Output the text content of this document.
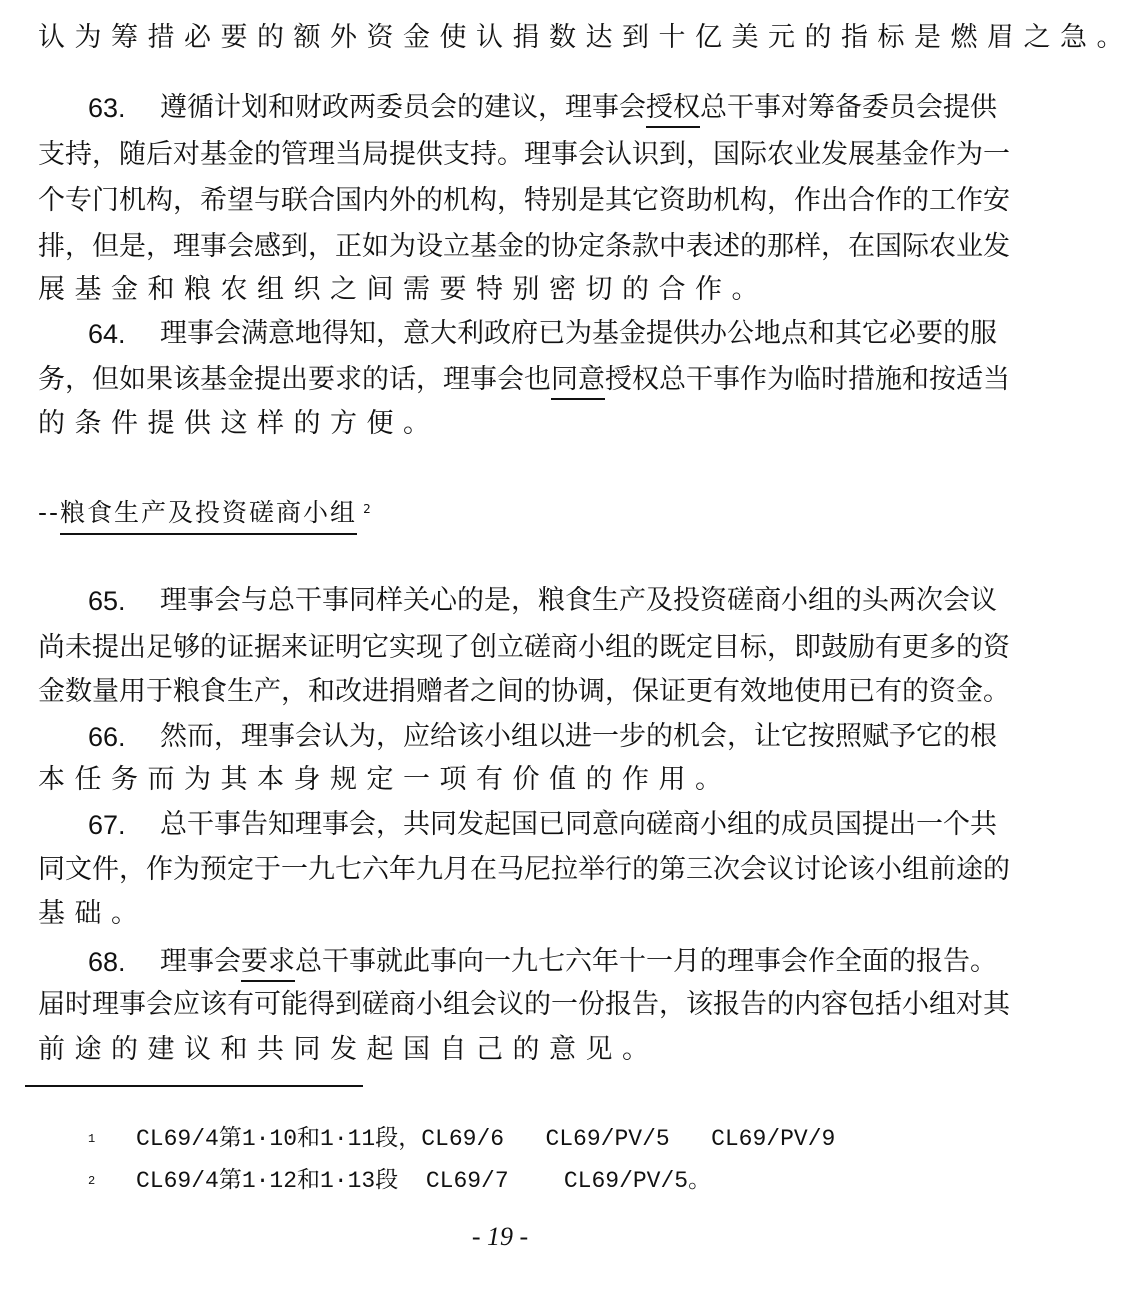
认为筹措必要的额外资金使认捐数达到十亿美元的指标是燃眉之急。
63.	遵循计划和财政两委员会的建议，理事会授权总干事对筹备委员会提供
支持，随后对基金的管理当局提供支持。理事会认识到，国际农业发展基金作为一
个专门机构，希望与联合国内外的机构，特别是其它资助机构，作出合作的工作安
排，但是，理事会感到，正如为设立基金的协定条款中表述的那样，在国际农业发
展基金和粮农组织之间需要特别密切的合作。
64.	理事会满意地得知，意大利政府已为基金提供办公地点和其它必要的服
务，但如果该基金提出要求的话，理事会也同意授权总干事作为临时措施和按适当
的条件提供这样的方便。
65.	理事会与总干事同样关心的是，粮食生产及投资磋商小组的头两次会议
尚未提出足够的证据来证明它实现了创立磋商小组的既定目标，即鼓励有更多的资
金数量用于粮食生产，和改进捐赠者之间的协调，保证更有效地使用已有的资金。
66.	然而，理事会认为，应给该小组以进一步的机会，让它按照赋予它的根
本任务而为其本身规定一项有价值的作用。
67.	总干事告知理事会，共同发起国已同意向磋商小组的成员国提出一个共
同文件，作为预定于一九七六年九月在马尼拉举行的第三次会议讨论该小组前途的
基础。
68.	理事会要求总干事就此事向一九七六年十一月的理事会作全面的报告。
届时理事会应该有可能得到磋商小组会议的一份报告，该报告的内容包括小组对其
前途的建议和共同发起国自己的意见。
--粮食生产及投资磋商小组 $^2$
1 CL69/4第1·10和1·11段，CL69/6   CL69/PV/5   CL69/PV/9
2 CL69/4第1·12和1·13段  CL69/7    CL69/PV/5。
- 19 -
